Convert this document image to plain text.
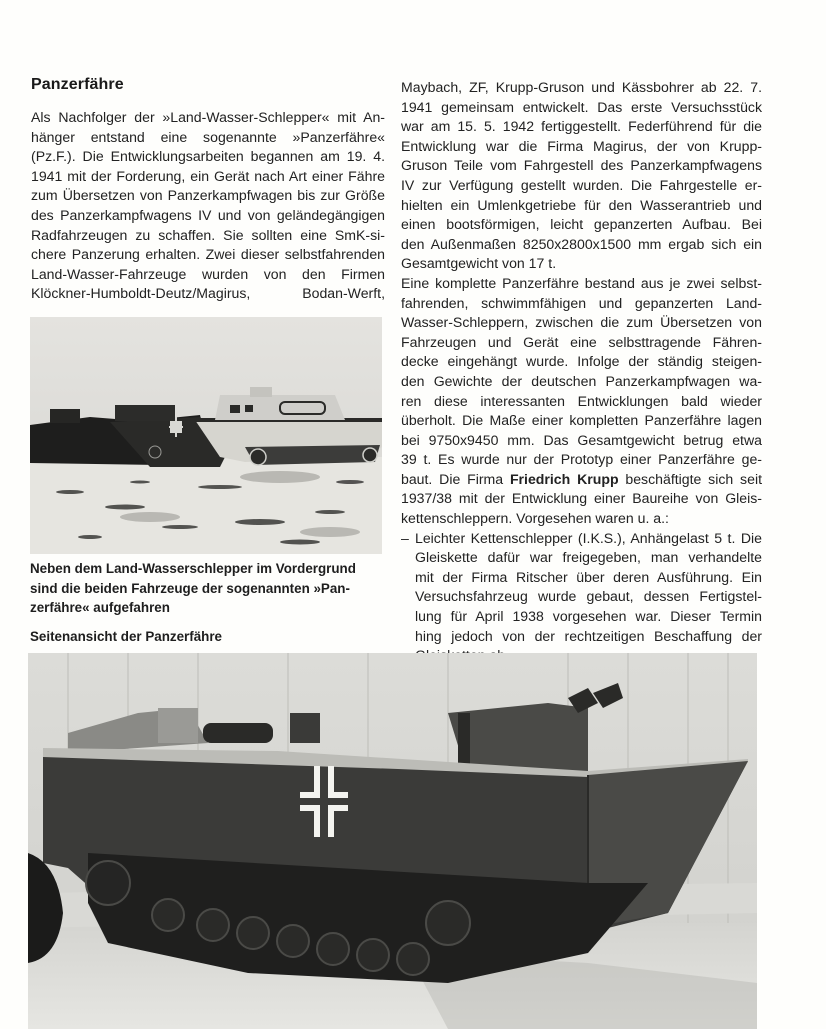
Panzerfähre
Als Nachfolger der »Land-Wasser-Schlepper« mit An-
hänger entstand eine sogenannte »Panzerfähre«
(Pz.F.). Die Entwicklungsarbeiten begannen am 19. 4.
1941 mit der Forderung, ein Gerät nach Art einer Fähre
zum Übersetzen von Panzerkampfwagen bis zur Größe
des Panzerkampfwagens IV und von geländegängigen
Radfahrzeugen zu schaffen. Sie sollten eine SmK-si-
chere Panzerung erhalten. Zwei dieser selbstfahrenden
Land-Wasser-Fahrzeuge wurden von den Firmen
Klöckner-Humboldt-Deutz/Magirus, Bodan-Werft,
Maybach, ZF, Krupp-Gruson und Kässbohrer ab 22. 7.
1941 gemeinsam entwickelt. Das erste Versuchsstück
war am 15. 5. 1942 fertiggestellt. Federführend für die
Entwicklung war die Firma Magirus, der von Krupp-
Gruson Teile vom Fahrgestell des Panzerkampfwagens
IV zur Verfügung gestellt wurden. Die Fahrgestelle er-
hielten ein Umlenkgetriebe für den Wasserantrieb und
einen bootsförmigen, leicht gepanzerten Aufbau. Bei
den Außenmaßen 8250x2800x1500 mm ergab sich ein
Gesamtgewicht von 17 t.
Eine komplette Panzerfähre bestand aus je zwei selbst-
fahrenden, schwimmfähigen und gepanzerten Land-
Wasser-Schleppern, zwischen die zum Übersetzen von
Fahrzeugen und Gerät eine selbsttragende Fähren-
decke eingehängt wurde. Infolge der ständig steigen-
den Gewichte der deutschen Panzerkampfwagen wa-
ren diese interessanten Entwicklungen bald wieder
überholt. Die Maße einer kompletten Panzerfähre lagen
bei 9750x9450 mm. Das Gesamtgewicht betrug etwa
39 t. Es wurde nur der Prototyp einer Panzerfähre ge-
baut. Die Firma Friedrich Krupp beschäftigte sich seit
1937/38 mit der Entwicklung einer Baureihe von Gleis-
kettenschleppern. Vorgesehen waren u. a.:
– Leichter Kettenschlepper (I.K.S.), Anhängelast 5 t. Die
Gleiskette dafür war freigegeben, man verhandelte
mit der Firma Ritscher über deren Ausführung. Ein
Versuchsfahrzeug wurde gebaut, dessen Fertigstel-
lung für April 1938 vorgesehen war. Dieser Termin
hing jedoch von der rechtzeitigen Beschaffung der
Neben dem Land-Wasserschlepper im Vordergrund
sind die beiden Fahrzeuge der sogenannten »Pan-
zerfähre« aufgefahren
Seitenansicht der Panzerfähre
